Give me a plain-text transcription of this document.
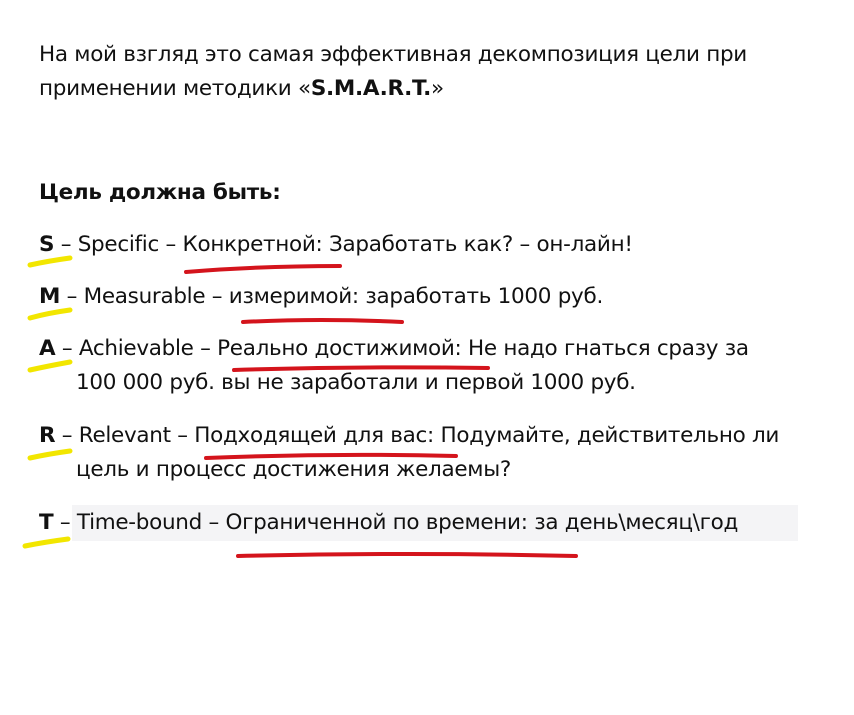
На мой взгляд это самая эффективная декомпозиция цели при применении методики «S.M.A.R.T.»
Цель должна быть:
S – Specific – Конкретной: Заработать как? – он-лайн!
M – Measurable – измеримой: заработать 1000 руб.
A – Achievable – Реально достижимой: Не надо гнаться сразу за
100 000 руб. вы не заработали и первой 1000 руб.
R – Relevant – Подходящей для вас: Подумайте, действительно ли
цель и процесс достижения желаемы?
T – Time-bound – Ограниченной по времени: за день\месяц\год
